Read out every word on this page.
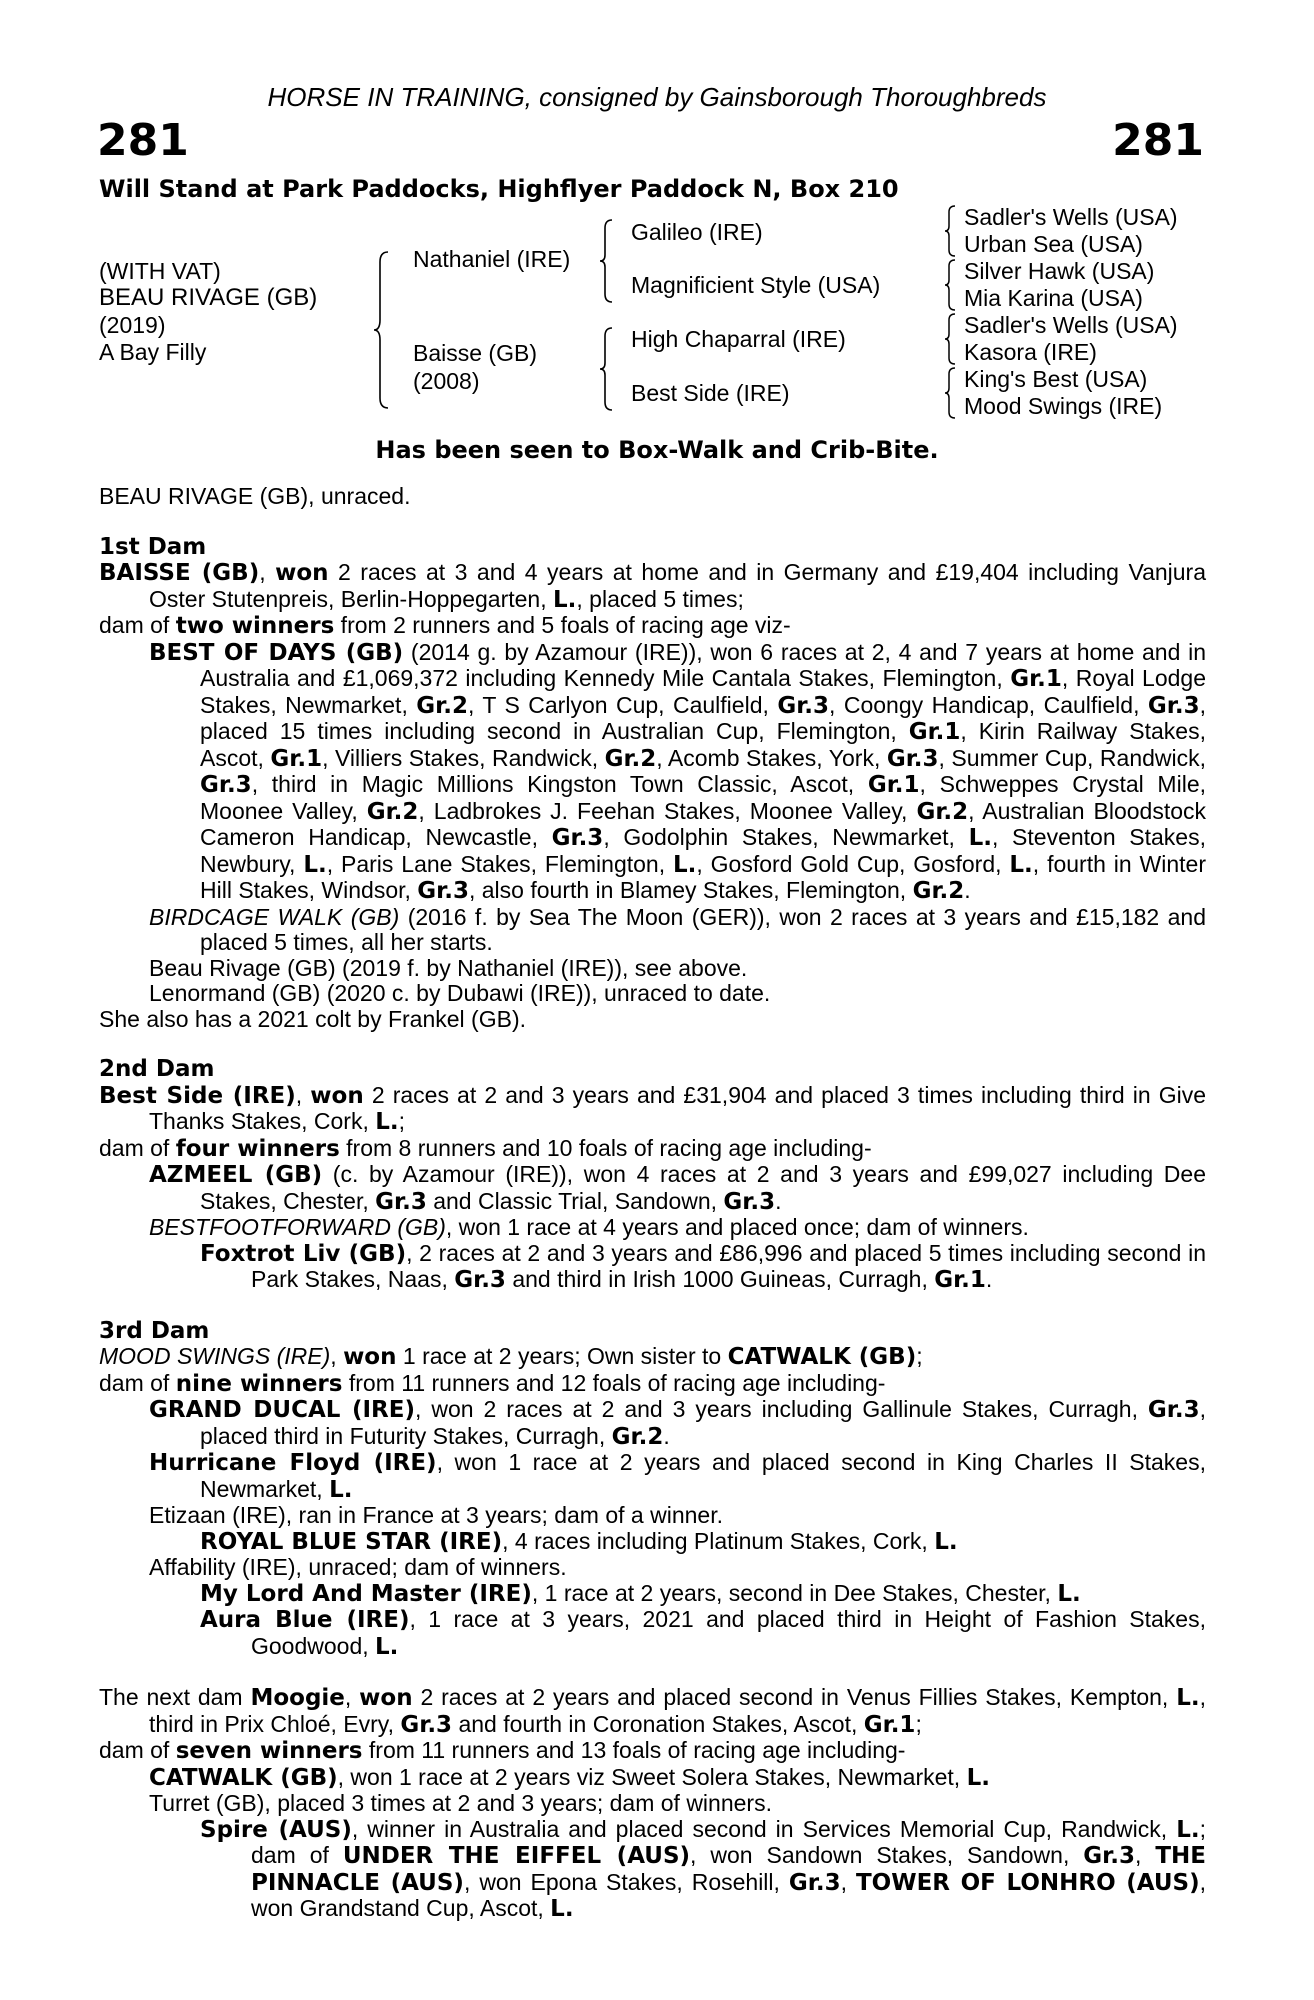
HORSE IN TRAINING, consigned by Gainsborough Thoroughbreds
281	281
Will Stand at Park Paddocks, Highflyer Paddock N, Box 210
(WITH VAT)
BEAU RIVAGE (GB)
(2019)
A Bay Filly
Nathaniel (IRE)
Baisse (GB)
(2008)
Galileo (IRE)
Magnificient Style (USA)
High Chaparral (IRE)
Best Side (IRE)
Sadler's Wells (USA)
Urban Sea (USA)
Silver Hawk (USA)
Mia Karina (USA)
Sadler's Wells (USA)
Kasora (IRE)
King's Best (USA)
Mood Swings (IRE)
Has been seen to Box-Walk and Crib-Bite.

BEAU RIVAGE (GB), unraced.

1st Dam

BAISSE (GB), won 2 races at 3 and 4 years at home and in Germany and £19,404 including Vanjura Oster Stutenpreis, Berlin-Hoppegarten, L., placed 5 times;

dam of two winners from 2 runners and 5 foals of racing age viz-

BEST OF DAYS (GB) (2014 g. by Azamour (IRE)), won 6 races at 2, 4 and 7 years at home and in Australia and £1,069,372 including Kennedy Mile Cantala Stakes, Flemington, Gr.1, Royal Lodge Stakes, Newmarket, Gr.2, T S Carlyon Cup, Caulfield, Gr.3, Coongy Handicap, Caulfield, Gr.3, placed 15 times including second in Australian Cup, Flemington, Gr.1, Kirin Railway Stakes, Ascot, Gr.1, Villiers Stakes, Randwick, Gr.2, Acomb Stakes, York, Gr.3, Summer Cup, Randwick, Gr.3, third in Magic Millions Kingston Town Classic, Ascot, Gr.1, Schweppes Crystal Mile, Moonee Valley, Gr.2, Ladbrokes J. Feehan Stakes, Moonee Valley, Gr.2, Australian Bloodstock Cameron Handicap, Newcastle, Gr.3, Godolphin Stakes, Newmarket, L., Steventon Stakes, Newbury, L., Paris Lane Stakes, Flemington, L., Gosford Gold Cup, Gosford, L., fourth in Winter Hill Stakes, Windsor, Gr.3, also fourth in Blamey Stakes, Flemington, Gr.2.

BIRDCAGE WALK (GB) (2016 f. by Sea The Moon (GER)), won 2 races at 3 years and £15,182 and placed 5 times, all her starts.

Beau Rivage (GB) (2019 f. by Nathaniel (IRE)), see above.

Lenormand (GB) (2020 c. by Dubawi (IRE)), unraced to date.

She also has a 2021 colt by Frankel (GB).

2nd Dam

Best Side (IRE), won 2 races at 2 and 3 years and £31,904 and placed 3 times including third in Give Thanks Stakes, Cork, L.;

dam of four winners from 8 runners and 10 foals of racing age including-

AZMEEL (GB) (c. by Azamour (IRE)), won 4 races at 2 and 3 years and £99,027 including Dee Stakes, Chester, Gr.3 and Classic Trial, Sandown, Gr.3.

BESTFOOTFORWARD (GB), won 1 race at 4 years and placed once; dam of winners.

Foxtrot Liv (GB), 2 races at 2 and 3 years and £86,996 and placed 5 times including second in Park Stakes, Naas, Gr.3 and third in Irish 1000 Guineas, Curragh, Gr.1.

3rd Dam

MOOD SWINGS (IRE), won 1 race at 2 years; Own sister to CATWALK (GB);

dam of nine winners from 11 runners and 12 foals of racing age including-

GRAND DUCAL (IRE), won 2 races at 2 and 3 years including Gallinule Stakes, Curragh, Gr.3, placed third in Futurity Stakes, Curragh, Gr.2.

Hurricane Floyd (IRE), won 1 race at 2 years and placed second in King Charles II Stakes, Newmarket, L.

Etizaan (IRE), ran in France at 3 years; dam of a winner.

ROYAL BLUE STAR (IRE), 4 races including Platinum Stakes, Cork, L.

Affability (IRE), unraced; dam of winners.

My Lord And Master (IRE), 1 race at 2 years, second in Dee Stakes, Chester, L.

Aura Blue (IRE), 1 race at 3 years, 2021 and placed third in Height of Fashion Stakes, Goodwood, L.

The next dam Moogie, won 2 races at 2 years and placed second in Venus Fillies Stakes, Kempton, L., third in Prix Chloé, Evry, Gr.3 and fourth in Coronation Stakes, Ascot, Gr.1;

dam of seven winners from 11 runners and 13 foals of racing age including-

CATWALK (GB), won 1 race at 2 years viz Sweet Solera Stakes, Newmarket, L.

Turret (GB), placed 3 times at 2 and 3 years; dam of winners.

Spire (AUS), winner in Australia and placed second in Services Memorial Cup, Randwick, L.; dam of UNDER THE EIFFEL (AUS), won Sandown Stakes, Sandown, Gr.3, THE PINNACLE (AUS), won Epona Stakes, Rosehill, Gr.3, TOWER OF LONHRO (AUS), won Grandstand Cup, Ascot, L.
